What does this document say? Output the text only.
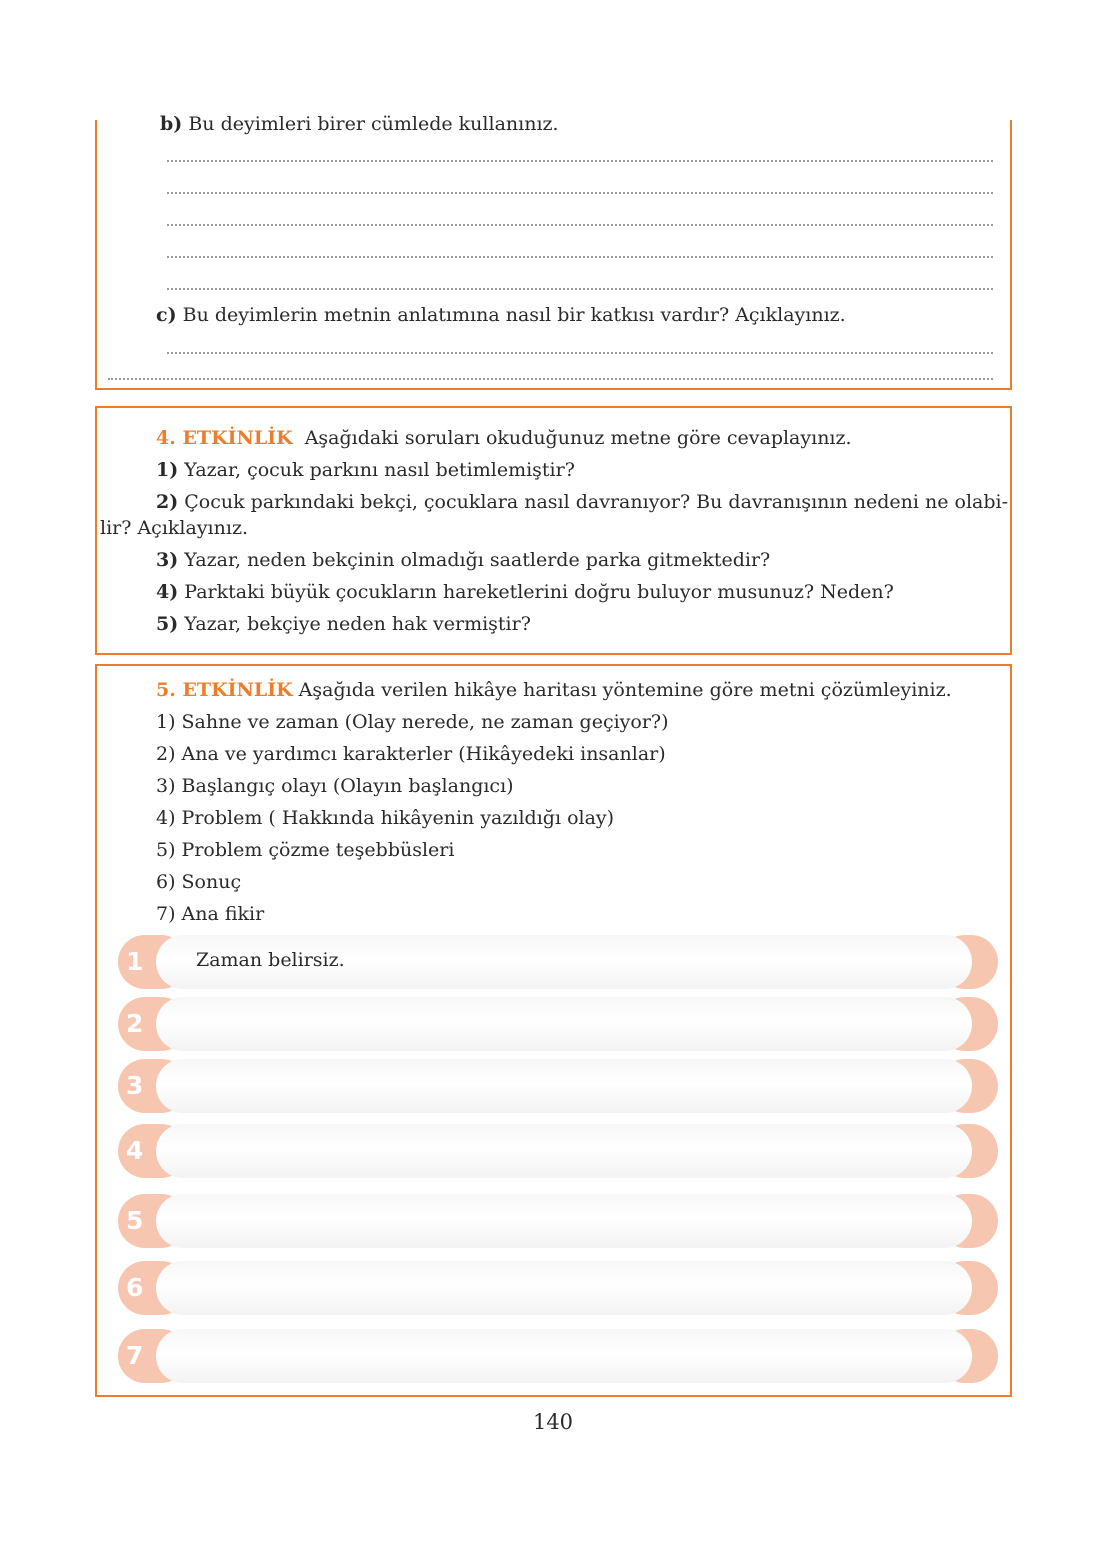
b) Bu deyimleri birer cümlede kullanınız.
c) Bu deyimlerin metnin anlatımına nasıl bir katkısı vardır? Açıklayınız.
4. ETKİNLİK Aşağıdaki soruları okuduğunuz metne göre cevaplayınız.
1) Yazar, çocuk parkını nasıl betimlemiştir?
2) Çocuk parkındaki bekçi, çocuklara nasıl davranıyor? Bu davranışının nedeni ne olabi-
lir? Açıklayınız.
3) Yazar, neden bekçinin olmadığı saatlerde parka gitmektedir?
4) Parktaki büyük çocukların hareketlerini doğru buluyor musunuz? Neden?
5) Yazar, bekçiye neden hak vermiştir?
5. ETKİNLİK Aşağıda verilen hikâye haritası yöntemine göre metni çözümleyiniz.
1) Sahne ve zaman (Olay nerede, ne zaman geçiyor?)
2) Ana ve yardımcı karakterler (Hikâyedeki insanlar)
3) Başlangıç olayı (Olayın başlangıcı)
4) Problem ( Hakkında hikâyenin yazıldığı olay)
5) Problem çözme teşebbüsleri
6) Sonuç
7) Ana fikir
1	Zaman belirsiz.
2
3
4
5
6
7
140
